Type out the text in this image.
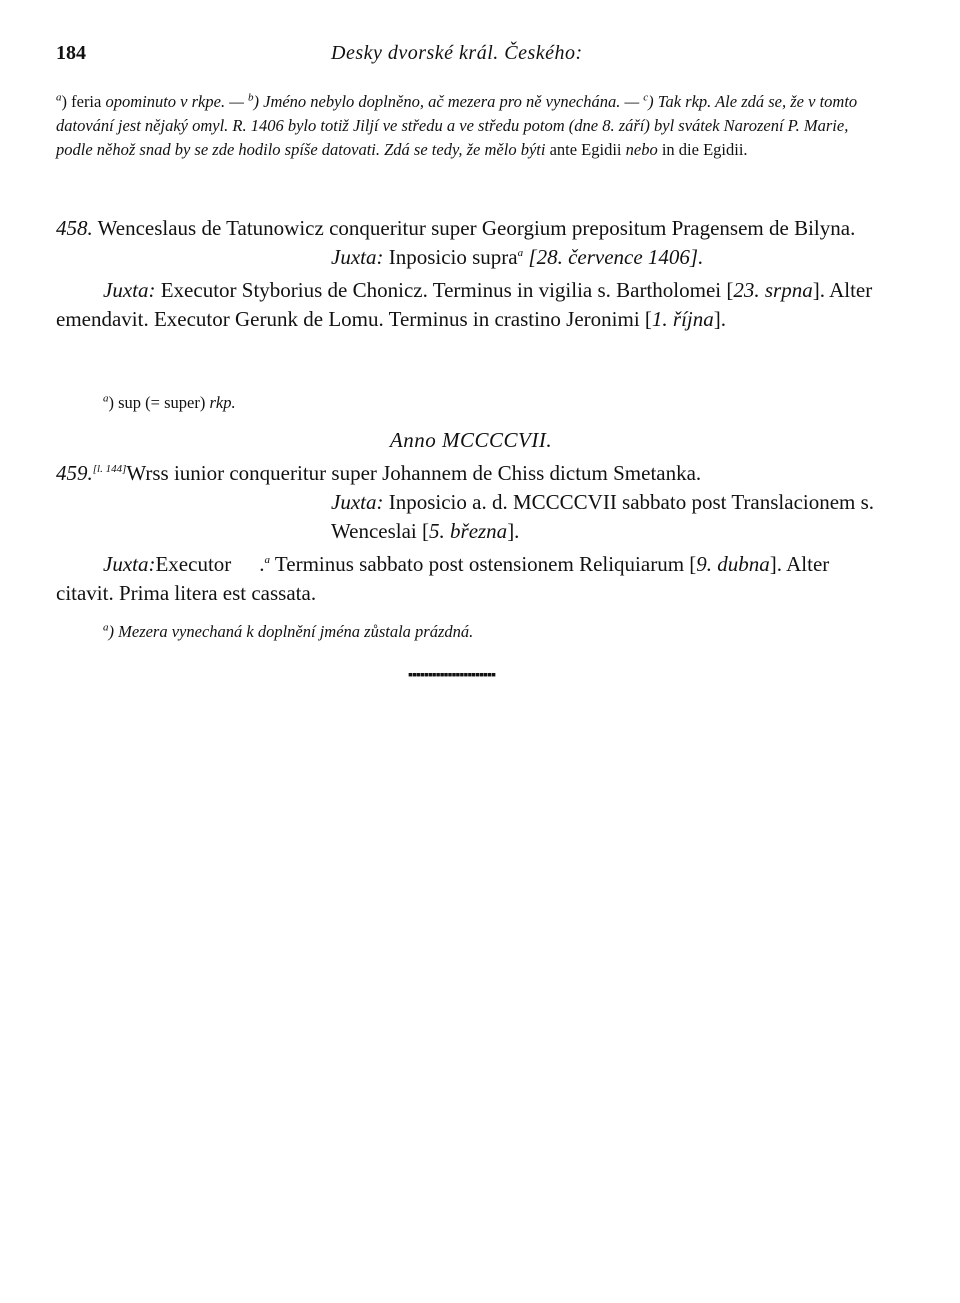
184	Desky dvorské král. Českého:

$^a$) feria opominuto v rkpe. — $^b$) Jméno nebylo doplněno, ač mezera pro ně vynechána. — $^c$) Tak rkp. Ale zdá se, že v tomto datování jest nějaký omyl. R. 1406 bylo totiž Jiljí ve středu a ve středu potom (dne 8. září) byl svátek Narození P. Marie, podle něhož snad by se zde hodilo spíše datovati. Zdá se tedy, že mělo býti ante Egidii nebo in die Egidii.

458. Wenceslaus de Tatunowicz conqueritur super Georgium prepositum Pragensem de Bilyna.

Juxta: Inposicio supra$^a$ [28. července 1406].

Juxta: Executor Styborius de Chonicz. Terminus in vigilia s. Bartholomei [23. srpna]. Alter emendavit. Executor Gerunk de Lomu. Terminus in crastino Jeronimi [1. října].

$^a$) sup (= super) rkp.
Anno MCCCCVII.

459.[l. 144]Wrss iunior conqueritur super Johannem de Chiss dictum Smetanka.

Juxta: Inposicio a. d. MCCCCVII sabbato post Translacionem s. Wenceslai [5. března].

Juxta:Executor .$^a$ Terminus sabbato post ostensionem Reliquiarum [9. dubna]. Alter citavit. Prima litera est cassata.

$^a$) Mezera vynechaná k doplnění jména zůstala prázdná.
▪▪▪▪▪▪▪▪▪▪▪▪▪▪▪▪▪▪▪▪▪▪
